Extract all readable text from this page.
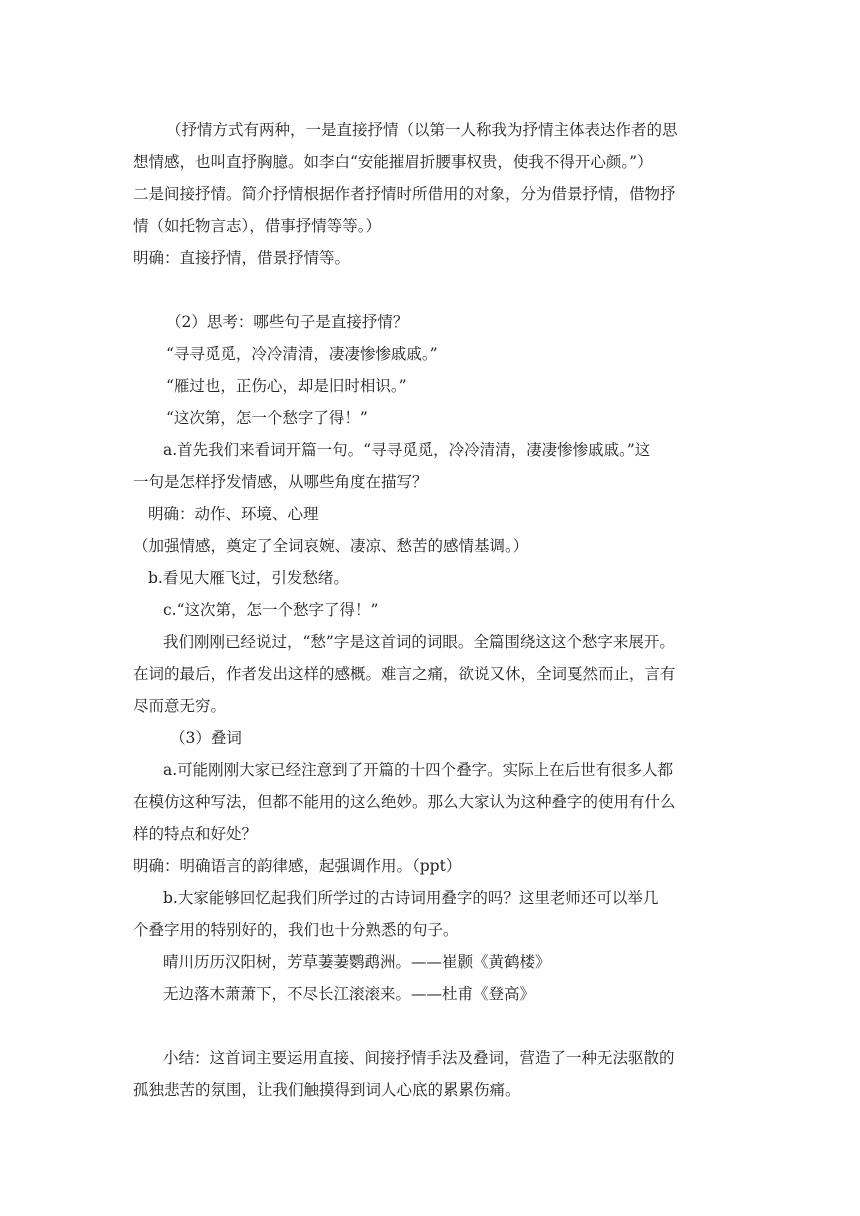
（抒情方式有两种，一是直接抒情（以第一人称我为抒情主体表达作者的思
想情感，也叫直抒胸臆。如李白“安能摧眉折腰事权贵，使我不得开心颜。”）
二是间接抒情。简介抒情根据作者抒情时所借用的对象，分为借景抒情，借物抒
情（如托物言志），借事抒情等等。）
明确：直接抒情，借景抒情等。
（2）思考：哪些句子是直接抒情？
“寻寻觅觅，冷冷清清，凄凄惨惨戚戚。”
“雁过也，正伤心，却是旧时相识。”
“这次第，怎一个愁字了得！”
a.首先我们来看词开篇一句。“寻寻觅觅，冷冷清清，凄凄惨惨戚戚。”这
一句是怎样抒发情感，从哪些角度在描写？
明确：动作、环境、心理
（加强情感，奠定了全词哀婉、凄凉、愁苦的感情基调。）
b.看见大雁飞过，引发愁绪。
c.“这次第，怎一个愁字了得！”
我们刚刚已经说过，“愁”字是这首词的词眼。全篇围绕这这个愁字来展开。
在词的最后，作者发出这样的感概。难言之痛，欲说又休，全词戛然而止，言有
尽而意无穷。
（3）叠词
a.可能刚刚大家已经注意到了开篇的十四个叠字。实际上在后世有很多人都
在模仿这种写法，但都不能用的这么绝妙。那么大家认为这种叠字的使用有什么
样的特点和好处？
明确：明确语言的韵律感，起强调作用。（ppt）
b.大家能够回忆起我们所学过的古诗词用叠字的吗？这里老师还可以举几
个叠字用的特别好的，我们也十分熟悉的句子。
晴川历历汉阳树，芳草萋萋鹦鹉洲。——崔颢《黄鹤楼》
无边落木萧萧下，不尽长江滚滚来。——杜甫《登高》
小结：这首词主要运用直接、间接抒情手法及叠词，营造了一种无法驱散的
孤独悲苦的氛围，让我们触摸得到词人心底的累累伤痛。
